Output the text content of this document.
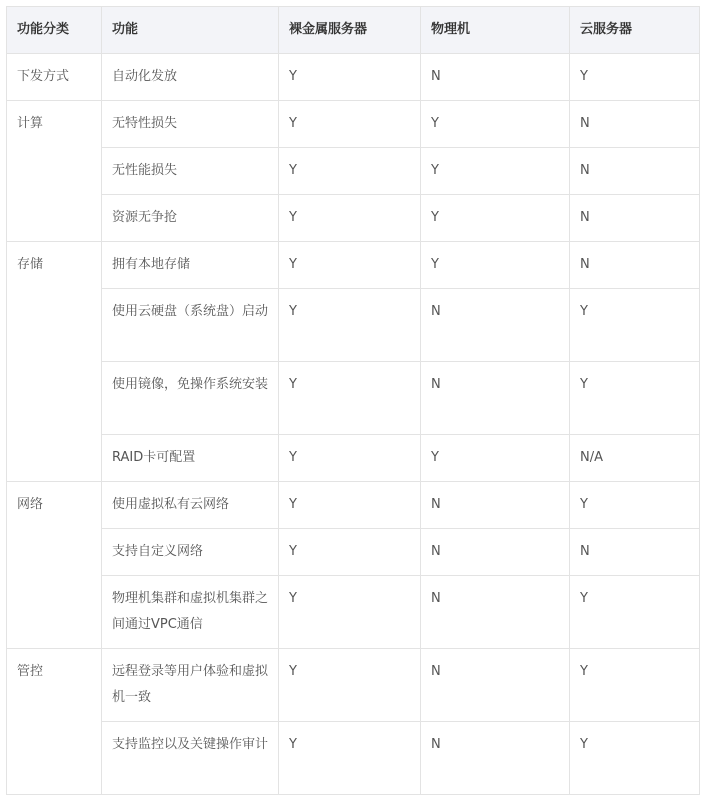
功能分类	功能	裸金属服务器	物理机	云服务器
下发方式	自动化发放	Y	N	Y
计算	无特性损失	Y	Y	N
	无性能损失	Y	Y	N
	资源无争抢	Y	Y	N
存储	拥有本地存储	Y	Y	N
	使用云硬盘（系统盘）启动	Y	N	Y
	使用镜像，免操作系统安装	Y	N	Y
	RAID卡可配置	Y	Y	N/A
网络	使用虚拟私有云网络	Y	N	Y
	支持自定义网络	Y	N	N
	物理机集群和虚拟机集群之间通过VPC通信	Y	N	Y
管控	远程登录等用户体验和虚拟机一致	Y	N	Y
	支持监控以及关键操作审计	Y	N	Y
